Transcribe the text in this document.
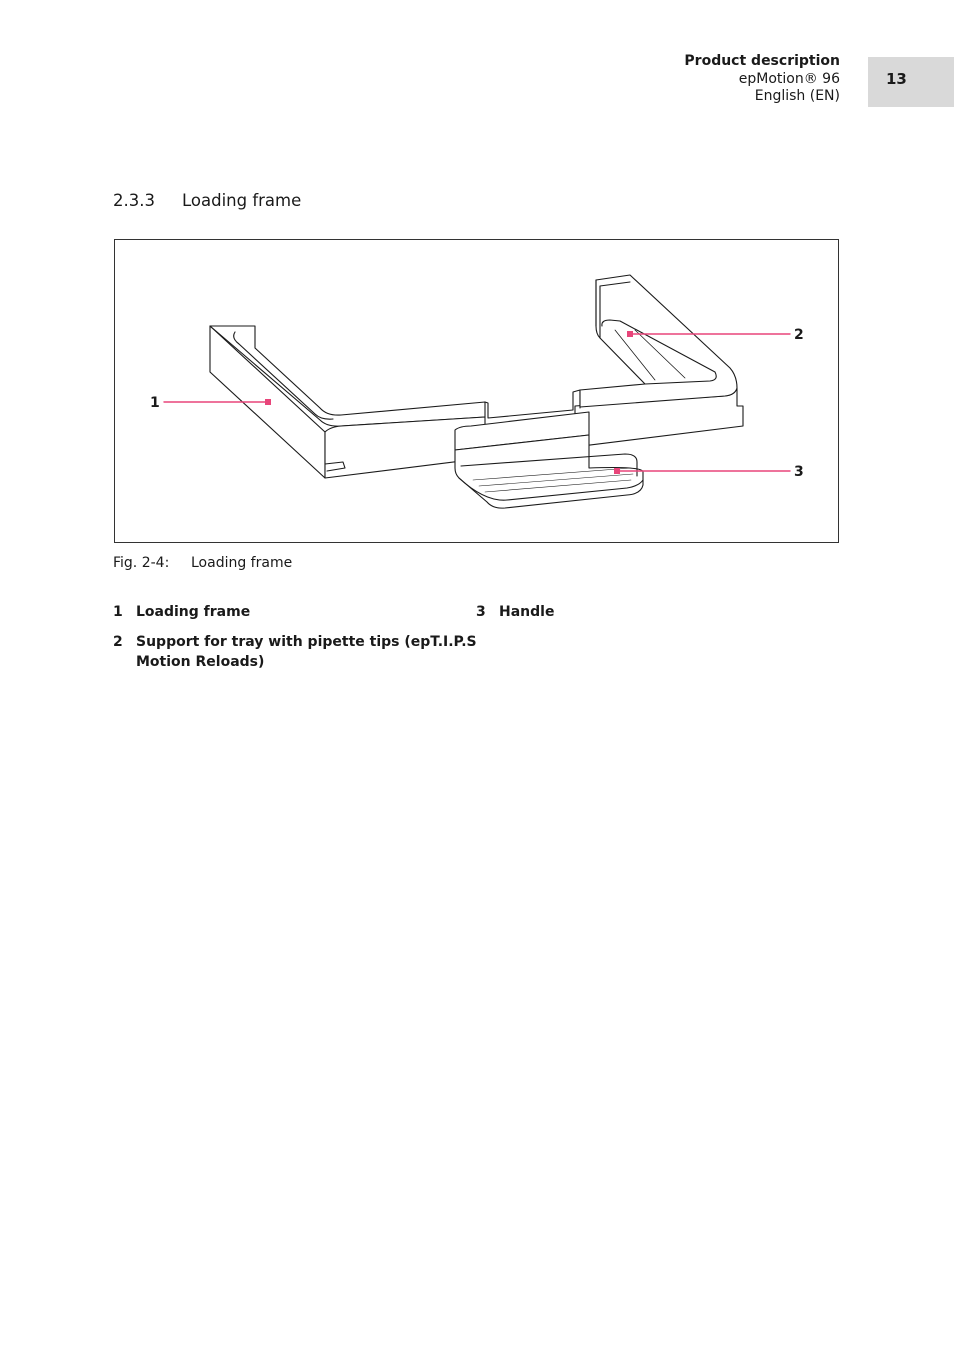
Product description
epMotion® 96
English (EN)
13
2.3.3 Loading frame
1
2
3
Fig. 2-4: Loading frame
1 Loading frame	3 Handle
2 Support for tray with pipette tips (epT.I.P.S
Motion Reloads)
